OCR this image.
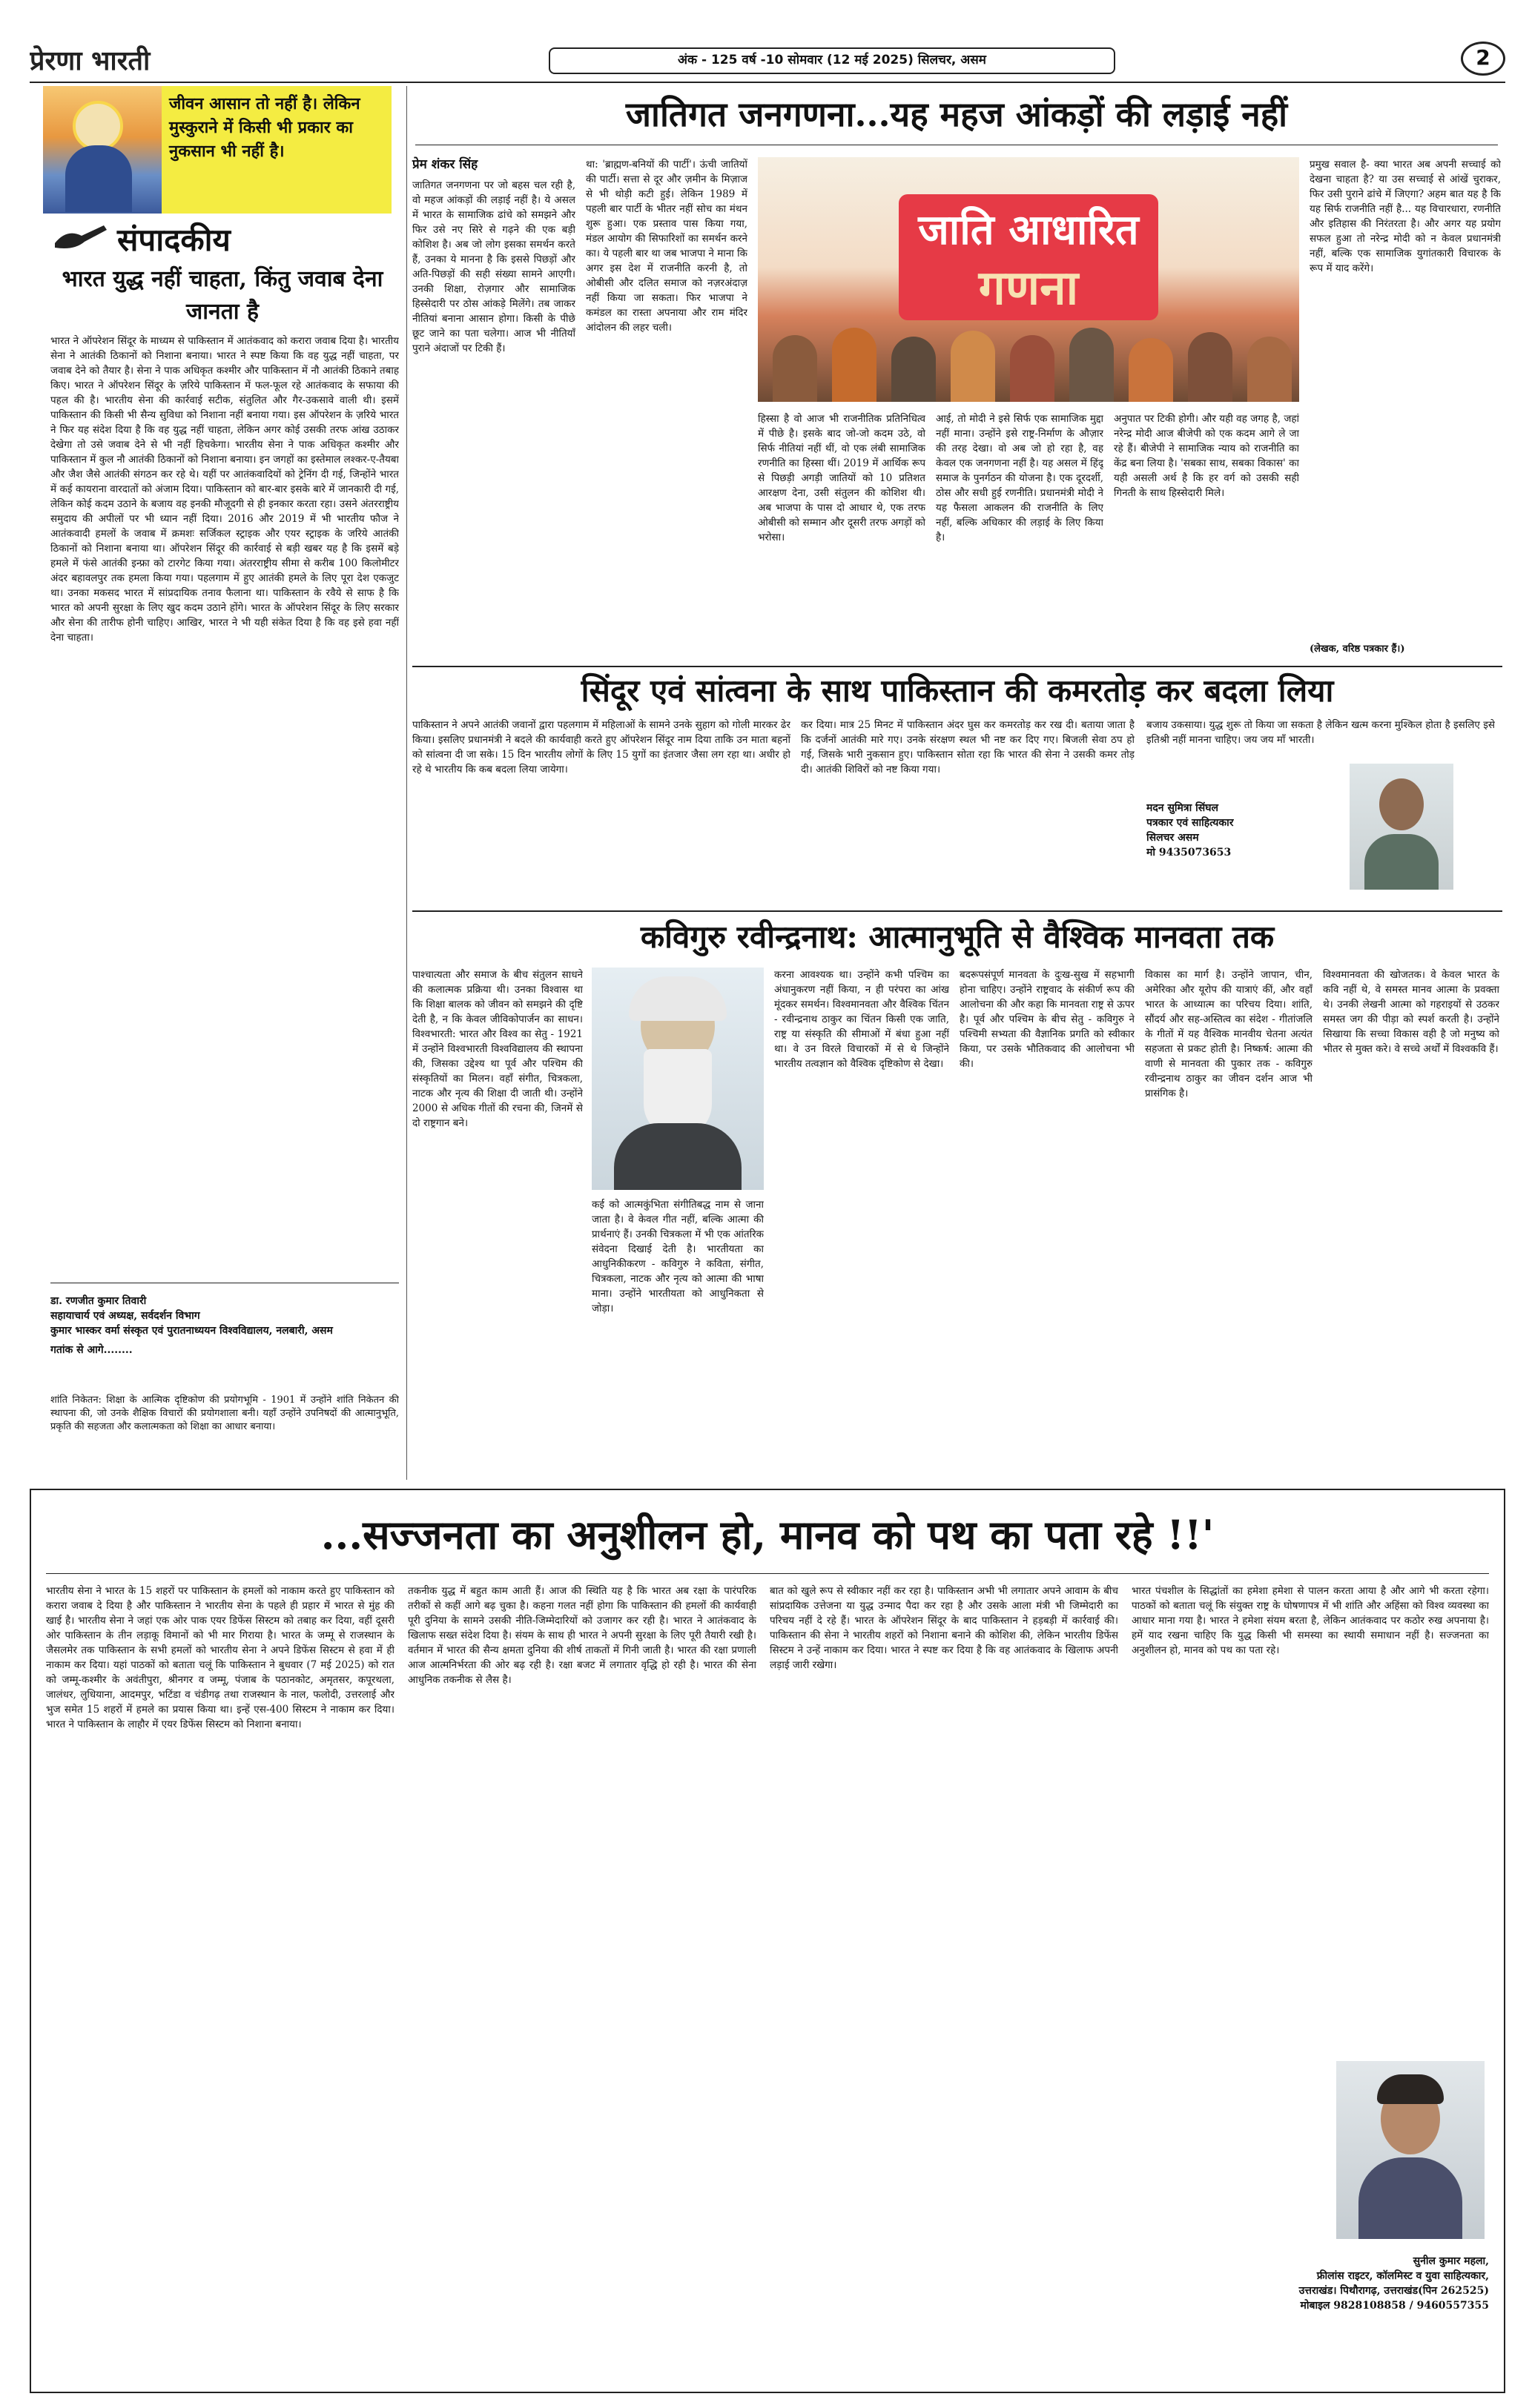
प्रेरणा भारती	अंक - 125 वर्ष -10 सोमवार (12 मई 2025) सिलचर, असम	2
जीवन आसान तो नहीं है। लेकिन मुस्कुराने में किसी भी प्रकार का नुकसान भी नहीं है।
संपादकीय
भारत युद्ध नहीं चाहता, किंतु जवाब देना जानता है
भारत ने ऑपरेशन सिंदूर के माध्यम से पाकिस्तान में आतंकवाद को करारा जवाब दिया है। भारतीय सेना ने आतंकी ठिकानों को निशाना बनाया। भारत ने स्पष्ट किया कि वह युद्ध नहीं चाहता, पर जवाब देने को तैयार है। सेना ने पाक अधिकृत कश्मीर और पाकिस्तान में नौ आतंकी ठिकाने तबाह किए। भारत ने ऑपरेशन सिंदूर के ज़रिये पाकिस्तान में फल-फूल रहे आतंकवाद के सफाया की पहल की है। भारतीय सेना की कार्रवाई सटीक, संतुलित और गैर-उकसावे वाली थी। इसमें पाकिस्तान की किसी भी सैन्य सुविधा को निशाना नहीं बनाया गया। इस ऑपरेशन के ज़रिये भारत ने फिर यह संदेश दिया है कि वह युद्ध नहीं चाहता, लेकिन अगर कोई उसकी तरफ आंख उठाकर देखेगा तो उसे जवाब देने से भी नहीं हिचकेगा। भारतीय सेना ने पाक अधिकृत कश्मीर और पाकिस्तान में कुल नौ आतंकी ठिकानों को निशाना बनाया। इन जगहों का इस्तेमाल लश्कर-ए-तैयबा और जैश जैसे आतंकी संगठन कर रहे थे। यहीं पर आतंकवादियों को ट्रेनिंग दी गई, जिन्होंने भारत में कई कायराना वारदातों को अंजाम दिया। पाकिस्तान को बार-बार इसके बारे में जानकारी दी गई, लेकिन कोई कदम उठाने के बजाय वह इनकी मौजूदगी से ही इनकार करता रहा। उसने अंतरराष्ट्रीय समुदाय की अपीलों पर भी ध्यान नहीं दिया। 2016 और 2019 में भी भारतीय फौज ने आतंकवादी हमलों के जवाब में क्रमशः सर्जिकल स्ट्राइक और एयर स्ट्राइक के जरिये आतंकी ठिकानों को निशाना बनाया था। ऑपरेशन सिंदूर की कार्रवाई से बड़ी खबर यह है कि इसमें बड़े हमले में फंसे आतंकी इन्फ्रा को टारगेट किया गया। अंतरराष्ट्रीय सीमा से करीब 100 किलोमीटर अंदर बहावलपुर तक हमला किया गया। पहलगाम में हुए आतंकी हमले के लिए पूरा देश एकजुट था। उनका मकसद भारत में सांप्रदायिक तनाव फैलाना था। पाकिस्तान के रवैये से साफ है कि भारत को अपनी सुरक्षा के लिए खुद कदम उठाने होंगे। भारत के ऑपरेशन सिंदूर के लिए सरकार और सेना की तारीफ होनी चाहिए। आखिर, भारत ने भी यही संकेत दिया है कि वह इसे हवा नहीं देना चाहता।
डा. रणजीत कुमार तिवारी
सहायाचार्य एवं अध्यक्ष, सर्वदर्शन विभाग
कुमार भास्कर वर्मा संस्कृत एवं पुरातनाध्ययन विश्वविद्यालय, नलबारी, असम
गतांक से आगे........
शांति निकेतन: शिक्षा के आत्मिक दृष्टिकोण की प्रयोगभूमि - 1901 में उन्होंने शांति निकेतन की स्थापना की, जो उनके शैक्षिक विचारों की प्रयोगशाला बनी। यहाँ उन्होंने उपनिषदों की आत्मानुभूति, प्रकृति की सहजता और कलात्मकता को शिक्षा का आधार बनाया।
जातिगत जनगणना...यह महज आंकड़ों की लड़ाई नहीं
प्रेम शंकर सिंह
जातिगत जनगणना पर जो बहस चल रही है, वो महज आंकड़ों की लड़ाई नहीं है। ये असल में भारत के सामाजिक ढांचे को समझने और फिर उसे नए सिरे से गढ़ने की एक बड़ी कोशिश है। अब जो लोग इसका समर्थन करते हैं, उनका ये मानना है कि इससे पिछड़ों और अति-पिछड़ों की सही संख्या सामने आएगी। उनकी शिक्षा, रोज़गार और सामाजिक हिस्सेदारी पर ठोस आंकड़े मिलेंगे। तब जाकर नीतियां बनाना आसान होगा। किसी के पीछे छूट जाने का पता चलेगा। आज भी नीतियाँ पुराने अंदाजों पर टिकी हैं।
था: 'ब्राह्मण-बनियों की पार्टी'। ऊंची जातियों की पार्टी। सत्ता से दूर और ज़मीन के मिज़ाज से भी थोड़ी कटी हुई। लेकिन 1989 में पहली बार पार्टी के भीतर नहीं सोच का मंथन शुरू हुआ। एक प्रस्ताव पास किया गया, मंडल आयोग की सिफारिशों का समर्थन करने का। ये पहली बार था जब भाजपा ने माना कि अगर इस देश में राजनीति करनी है, तो ओबीसी और दलित समाज को नज़रअंदाज़ नहीं किया जा सकता। फिर भाजपा ने कमंडल का रास्ता अपनाया और राम मंदिर आंदोलन की लहर चली।
जाति आधारित
गणना
हिस्सा है वो आज भी राजनीतिक प्रतिनिधित्व में पीछे है। इसके बाद जो-जो कदम उठे, वो सिर्फ नीतियां नहीं थीं, वो एक लंबी सामाजिक रणनीति का हिस्सा थीं। 2019 में आर्थिक रूप से पिछड़ी अगड़ी जातियों को 10 प्रतिशत आरक्षण देना, उसी संतुलन की कोशिश थी। अब भाजपा के पास दो आधार थे, एक तरफ ओबीसी को सम्मान और दूसरी तरफ अगड़ों को भरोसा।
आई, तो मोदी ने इसे सिर्फ एक सामाजिक मुद्दा नहीं माना। उन्होंने इसे राष्ट्र-निर्माण के औज़ार की तरह देखा। वो अब जो हो रहा है, वह केवल एक जनगणना नहीं है। यह असल में हिंदू समाज के पुनर्गठन की योजना है। एक दूरदर्शी, ठोस और सधी हुई रणनीति। प्रधानमंत्री मोदी ने यह फैसला आकलन की राजनीति के लिए नहीं, बल्कि अधिकार की लड़ाई के लिए किया है।
अनुपात पर टिकी होगी। और यही वह जगह है, जहां नरेन्द्र मोदी आज बीजेपी को एक कदम आगे ले जा रहे हैं। बीजेपी ने सामाजिक न्याय को राजनीति का केंद्र बना लिया है। 'सबका साथ, सबका विकास' का यही असली अर्थ है कि हर वर्ग को उसकी सही गिनती के साथ हिस्सेदारी मिले।
प्रमुख सवाल है- क्या भारत अब अपनी सच्चाई को देखना चाहता है? या उस सच्चाई से आंखें चुराकर, फिर उसी पुराने ढांचे में जिएगा? अहम बात यह है कि यह सिर्फ राजनीति नहीं है... यह विचारधारा, रणनीति और इतिहास की निरंतरता है। और अगर यह प्रयोग सफल हुआ तो नरेन्द्र मोदी को न केवल प्रधानमंत्री नहीं, बल्कि एक सामाजिक युगांतकारी विचारक के रूप में याद करेंगे।
(लेखक, वरिष्ठ पत्रकार हैं।)
सिंदूर एवं सांत्वना के साथ पाकिस्तान की कमरतोड़ कर बदला लिया
पाकिस्तान ने अपने आतंकी जवानों द्वारा पहलगाम में महिलाओं के सामने उनके सुहाग को गोली मारकर ढेर किया। इसलिए प्रधानमंत्री ने बदले की कार्यवाही करते हुए ऑपरेशन सिंदूर नाम दिया ताकि उन माता बहनों को सांत्वना दी जा सके। 15 दिन भारतीय लोगों के लिए 15 युगों का इंतजार जैसा लग रहा था। अधीर हो रहे थे भारतीय कि कब बदला लिया जायेगा।
कर दिया। मात्र 25 मिनट में पाकिस्तान अंदर घुस कर कमरतोड़ कर रख दी। बताया जाता है कि दर्जनों आतंकी मारे गए। उनके संरक्षण स्थल भी नष्ट कर दिए गए। बिजली सेवा ठप हो गई, जिसके भारी नुकसान हुए। पाकिस्तान सोता रहा कि भारत की सेना ने उसकी कमर तोड़ दी। आतंकी शिविरों को नष्ट किया गया।
बजाय उकसाया। युद्ध शुरू तो किया जा सकता है लेकिन खत्म करना मुश्किल होता है इसलिए इसे इतिश्री नहीं मानना चाहिए। जय जय माँ भारती।
मदन सुमित्रा सिंघल
पत्रकार एवं साहित्यकार
सिलचर असम
मो 9435073653
कविगुरु रवीन्द्रनाथ: आत्मानुभूति से वैश्विक मानवता तक
पाश्चात्यता और समाज के बीच संतुलन साधने की कलात्मक प्रक्रिया थी। उनका विश्वास था कि शिक्षा बालक को जीवन को समझने की दृष्टि देती है, न कि केवल जीविकोपार्जन का साधन। विश्वभारती: भारत और विश्व का सेतु - 1921 में उन्होंने विश्वभारती विश्वविद्यालय की स्थापना की, जिसका उद्देश्य था पूर्व और पश्चिम की संस्कृतियों का मिलन। वहाँ संगीत, चित्रकला, नाटक और नृत्य की शिक्षा दी जाती थी। उन्होंने 2000 से अधिक गीतों की रचना की, जिनमें से दो राष्ट्रगान बने।
कई को आत्मकुंभिता संगीतिबद्ध नाम से जाना जाता है। वे केवल गीत नहीं, बल्कि आत्मा की प्रार्थनाएं हैं। उनकी चित्रकला में भी एक आंतरिक संवेदना दिखाई देती है। भारतीयता का आधुनिकीकरण - कविगुरु ने कविता, संगीत, चित्रकला, नाटक और नृत्य को आत्मा की भाषा माना। उन्होंने भारतीयता को आधुनिकता से जोड़ा।
करना आवश्यक था। उन्होंने कभी पश्चिम का अंधानुकरण नहीं किया, न ही परंपरा का आंख मूंदकर समर्थन। विश्वमानवता और वैश्विक चिंतन - रवीन्द्रनाथ ठाकुर का चिंतन किसी एक जाति, राष्ट्र या संस्कृति की सीमाओं में बंधा हुआ नहीं था। वे उन विरले विचारकों में से थे जिन्होंने भारतीय तत्वज्ञान को वैश्विक दृष्टिकोण से देखा।
बदरूपसंपूर्ण मानवता के दुःख-सुख में सहभागी होना चाहिए। उन्होंने राष्ट्रवाद के संकीर्ण रूप की आलोचना की और कहा कि मानवता राष्ट्र से ऊपर है। पूर्व और पश्चिम के बीच सेतु - कविगुरु ने पश्चिमी सभ्यता की वैज्ञानिक प्रगति को स्वीकार किया, पर उसके भौतिकवाद की आलोचना भी की।
विकास का मार्ग है। उन्होंने जापान, चीन, अमेरिका और यूरोप की यात्राएं कीं, और वहाँ भारत के आध्यात्म का परिचय दिया। शांति, सौंदर्य और सह-अस्तित्व का संदेश - गीतांजलि के गीतों में यह वैश्विक मानवीय चेतना अत्यंत सहजता से प्रकट होती है। निष्कर्ष: आत्मा की वाणी से मानवता की पुकार तक - कविगुरु रवीन्द्रनाथ ठाकुर का जीवन दर्शन आज भी प्रासंगिक है।
विश्वमानवता की खोजतक। वे केवल भारत के कवि नहीं थे, वे समस्त मानव आत्मा के प्रवक्ता थे। उनकी लेखनी आत्मा को गहराइयों से उठकर समस्त जग की पीड़ा को स्पर्श करती है। उन्होंने सिखाया कि सच्चा विकास वही है जो मनुष्य को भीतर से मुक्त करे। वे सच्चे अर्थों में विश्वकवि हैं।
...सज्जनता का अनुशीलन हो, मानव को पथ का पता रहे !!'
भारतीय सेना ने भारत के 15 शहरों पर पाकिस्तान के हमलों को नाकाम करते हुए पाकिस्तान को करारा जवाब दे दिया है और पाकिस्तान ने भारतीय सेना के पहले ही प्रहार में भारत से मुंह की खाई है। भारतीय सेना ने जहां एक ओर पाक एयर डिफेंस सिस्टम को तबाह कर दिया, वहीं दूसरी ओर पाकिस्तान के तीन लड़ाकू विमानों को भी मार गिराया है। भारत के जम्मू से राजस्थान के जैसलमेर तक पाकिस्तान के सभी हमलों को भारतीय सेना ने अपने डिफेंस सिस्टम से हवा में ही नाकाम कर दिया। यहां पाठकों को बताता चलूं कि पाकिस्तान ने बुधवार (7 मई 2025) को रात को जम्मू-कश्मीर के अवंतीपुरा, श्रीनगर व जम्मू, पंजाब के पठानकोट, अमृतसर, कपूरथला, जालंधर, लुधियाना, आदमपुर, भटिंडा व चंडीगढ़ तथा राजस्थान के नाल, फलोदी, उत्तरलाई और भुज समेत 15 शहरों में हमले का प्रयास किया था। इन्हें एस-400 सिस्टम ने नाकाम कर दिया। भारत ने पाकिस्तान के लाहौर में एयर डिफेंस सिस्टम को निशाना बनाया।
तकनीक युद्ध में बहुत काम आती हैं। आज की स्थिति यह है कि भारत अब रक्षा के पारंपरिक तरीकों से कहीं आगे बढ़ चुका है। कहना गलत नहीं होगा कि पाकिस्तान की हमलों की कार्यवाही पूरी दुनिया के सामने उसकी नीति-जिम्मेदारियों को उजागर कर रही है। भारत ने आतंकवाद के खिलाफ सख्त संदेश दिया है। संयम के साथ ही भारत ने अपनी सुरक्षा के लिए पूरी तैयारी रखी है। वर्तमान में भारत की सैन्य क्षमता दुनिया की शीर्ष ताकतों में गिनी जाती है। भारत की रक्षा प्रणाली आज आत्मनिर्भरता की ओर बढ़ रही है। रक्षा बजट में लगातार वृद्धि हो रही है। भारत की सेना आधुनिक तकनीक से लैस है।
बात को खुले रूप से स्वीकार नहीं कर रहा है। पाकिस्तान अभी भी लगातार अपने आवाम के बीच सांप्रदायिक उत्तेजना या युद्ध उन्माद पैदा कर रहा है और उसके आला मंत्री भी जिम्मेदारी का परिचय नहीं दे रहे हैं। भारत के ऑपरेशन सिंदूर के बाद पाकिस्तान ने हड़बड़ी में कार्रवाई की। पाकिस्तान की सेना ने भारतीय शहरों को निशाना बनाने की कोशिश की, लेकिन भारतीय डिफेंस सिस्टम ने उन्हें नाकाम कर दिया। भारत ने स्पष्ट कर दिया है कि वह आतंकवाद के खिलाफ अपनी लड़ाई जारी रखेगा।
भारत पंचशील के सिद्धांतों का हमेशा हमेशा से पालन करता आया है और आगे भी करता रहेगा। पाठकों को बताता चलूं कि संयुक्त राष्ट्र के घोषणापत्र में भी शांति और अहिंसा को विश्व व्यवस्था का आधार माना गया है। भारत ने हमेशा संयम बरता है, लेकिन आतंकवाद पर कठोर रुख अपनाया है। हमें याद रखना चाहिए कि युद्ध किसी भी समस्या का स्थायी समाधान नहीं है। सज्जनता का अनुशीलन हो, मानव को पथ का पता रहे।
सुनील कुमार महला,
फ्रीलांस राइटर, कॉलमिस्ट व युवा साहित्यकार,
उत्तराखंड। पिथौरागढ़, उत्तराखंड(पिन 262525)
मोबाइल 9828108858 / 9460557355
